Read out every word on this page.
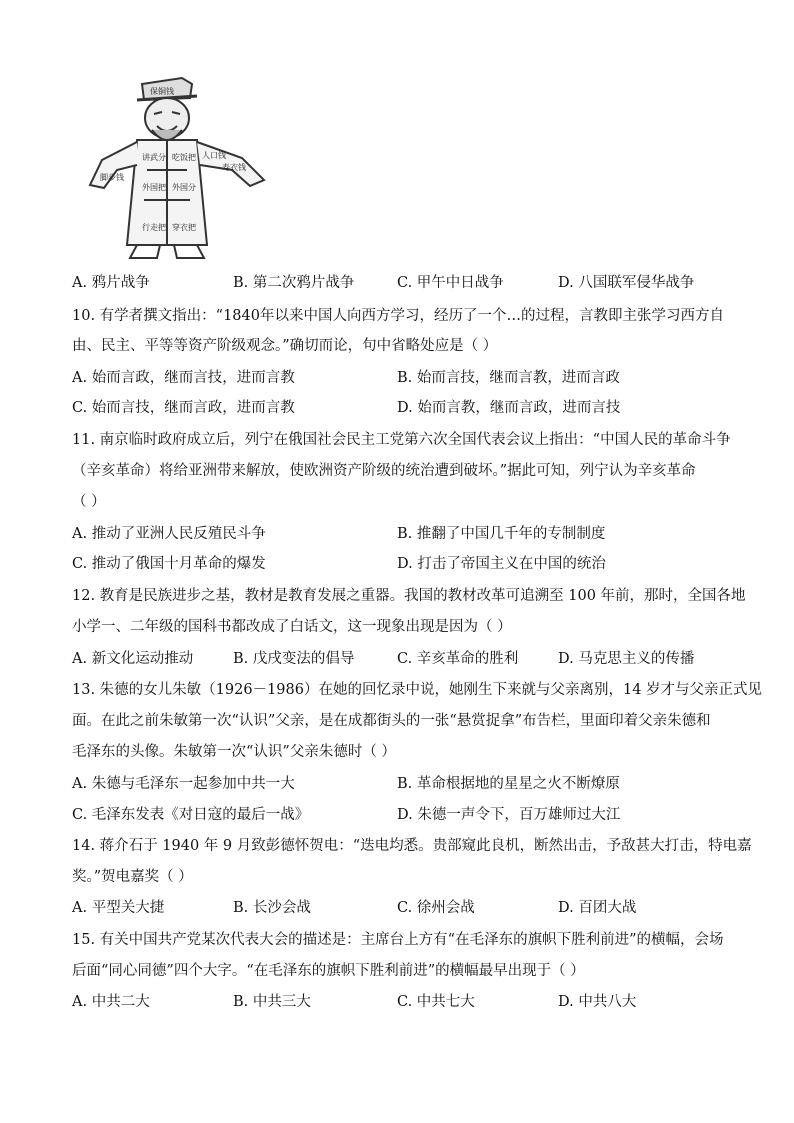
保铜钱
讲武分 吃饭把
行走把 穿衣把
外国把 外国分
人口钱
寿衣钱
脚步钱
A. 鸦片战争	B. 第二次鸦片战争	C. 甲午中日战争	D. 八国联军侵华战争
10. 有学者撰文指出：“1840年以来中国人向西方学习，经历了一个…的过程，言教即主张学习西方自
由、民主、平等等资产阶级观念。”确切而论，句中省略处应是（ ）
A. 始而言政，继而言技，进而言教	B. 始而言技，继而言教，进而言政
C. 始而言技，继而言政，进而言教	D. 始而言教，继而言政，进而言技
11. 南京临时政府成立后，列宁在俄国社会民主工党第六次全国代表会议上指出：“中国人民的革命斗争
（辛亥革命）将给亚洲带来解放，使欧洲资产阶级的统治遭到破坏。”据此可知，列宁认为辛亥革命
（ ）
A. 推动了亚洲人民反殖民斗争	B. 推翻了中国几千年的专制制度
C. 推动了俄国十月革命的爆发	D. 打击了帝国主义在中国的统治
12. 教育是民族进步之基，教材是教育发展之重器。我国的教材改革可追溯至 100 年前，那时，全国各地
小学一、二年级的国科书都改成了白话文，这一现象出现是因为（ ）
A. 新文化运动推动	B. 戊戌变法的倡导	C. 辛亥革命的胜利	D. 马克思主义的传播
13. 朱德的女儿朱敏（1926－1986）在她的回忆录中说，她刚生下来就与父亲离别，14 岁才与父亲正式见
面。在此之前朱敏第一次“认识”父亲，是在成都街头的一张“悬赏捉拿”布告栏，里面印着父亲朱德和
毛泽东的头像。朱敏第一次“认识”父亲朱德时（ ）
A. 朱德与毛泽东一起参加中共一大	B. 革命根据地的星星之火不断燎原
C. 毛泽东发表《对日寇的最后一战》	D. 朱德一声令下，百万雄师过大江
14. 蒋介石于 1940 年 9 月致彭德怀贺电：“迭电均悉。贵部窥此良机，断然出击，予敌甚大打击，特电嘉
奖。”贺电嘉奖（ ）
A. 平型关大捷	B. 长沙会战	C. 徐州会战	D. 百团大战
15. 有关中国共产党某次代表大会的描述是：主席台上方有“在毛泽东的旗帜下胜利前进”的横幅，会场
后面“同心同德”四个大字。“在毛泽东的旗帜下胜利前进”的横幅最早出现于（ ）
A. 中共二大	B. 中共三大	C. 中共七大	D. 中共八大
